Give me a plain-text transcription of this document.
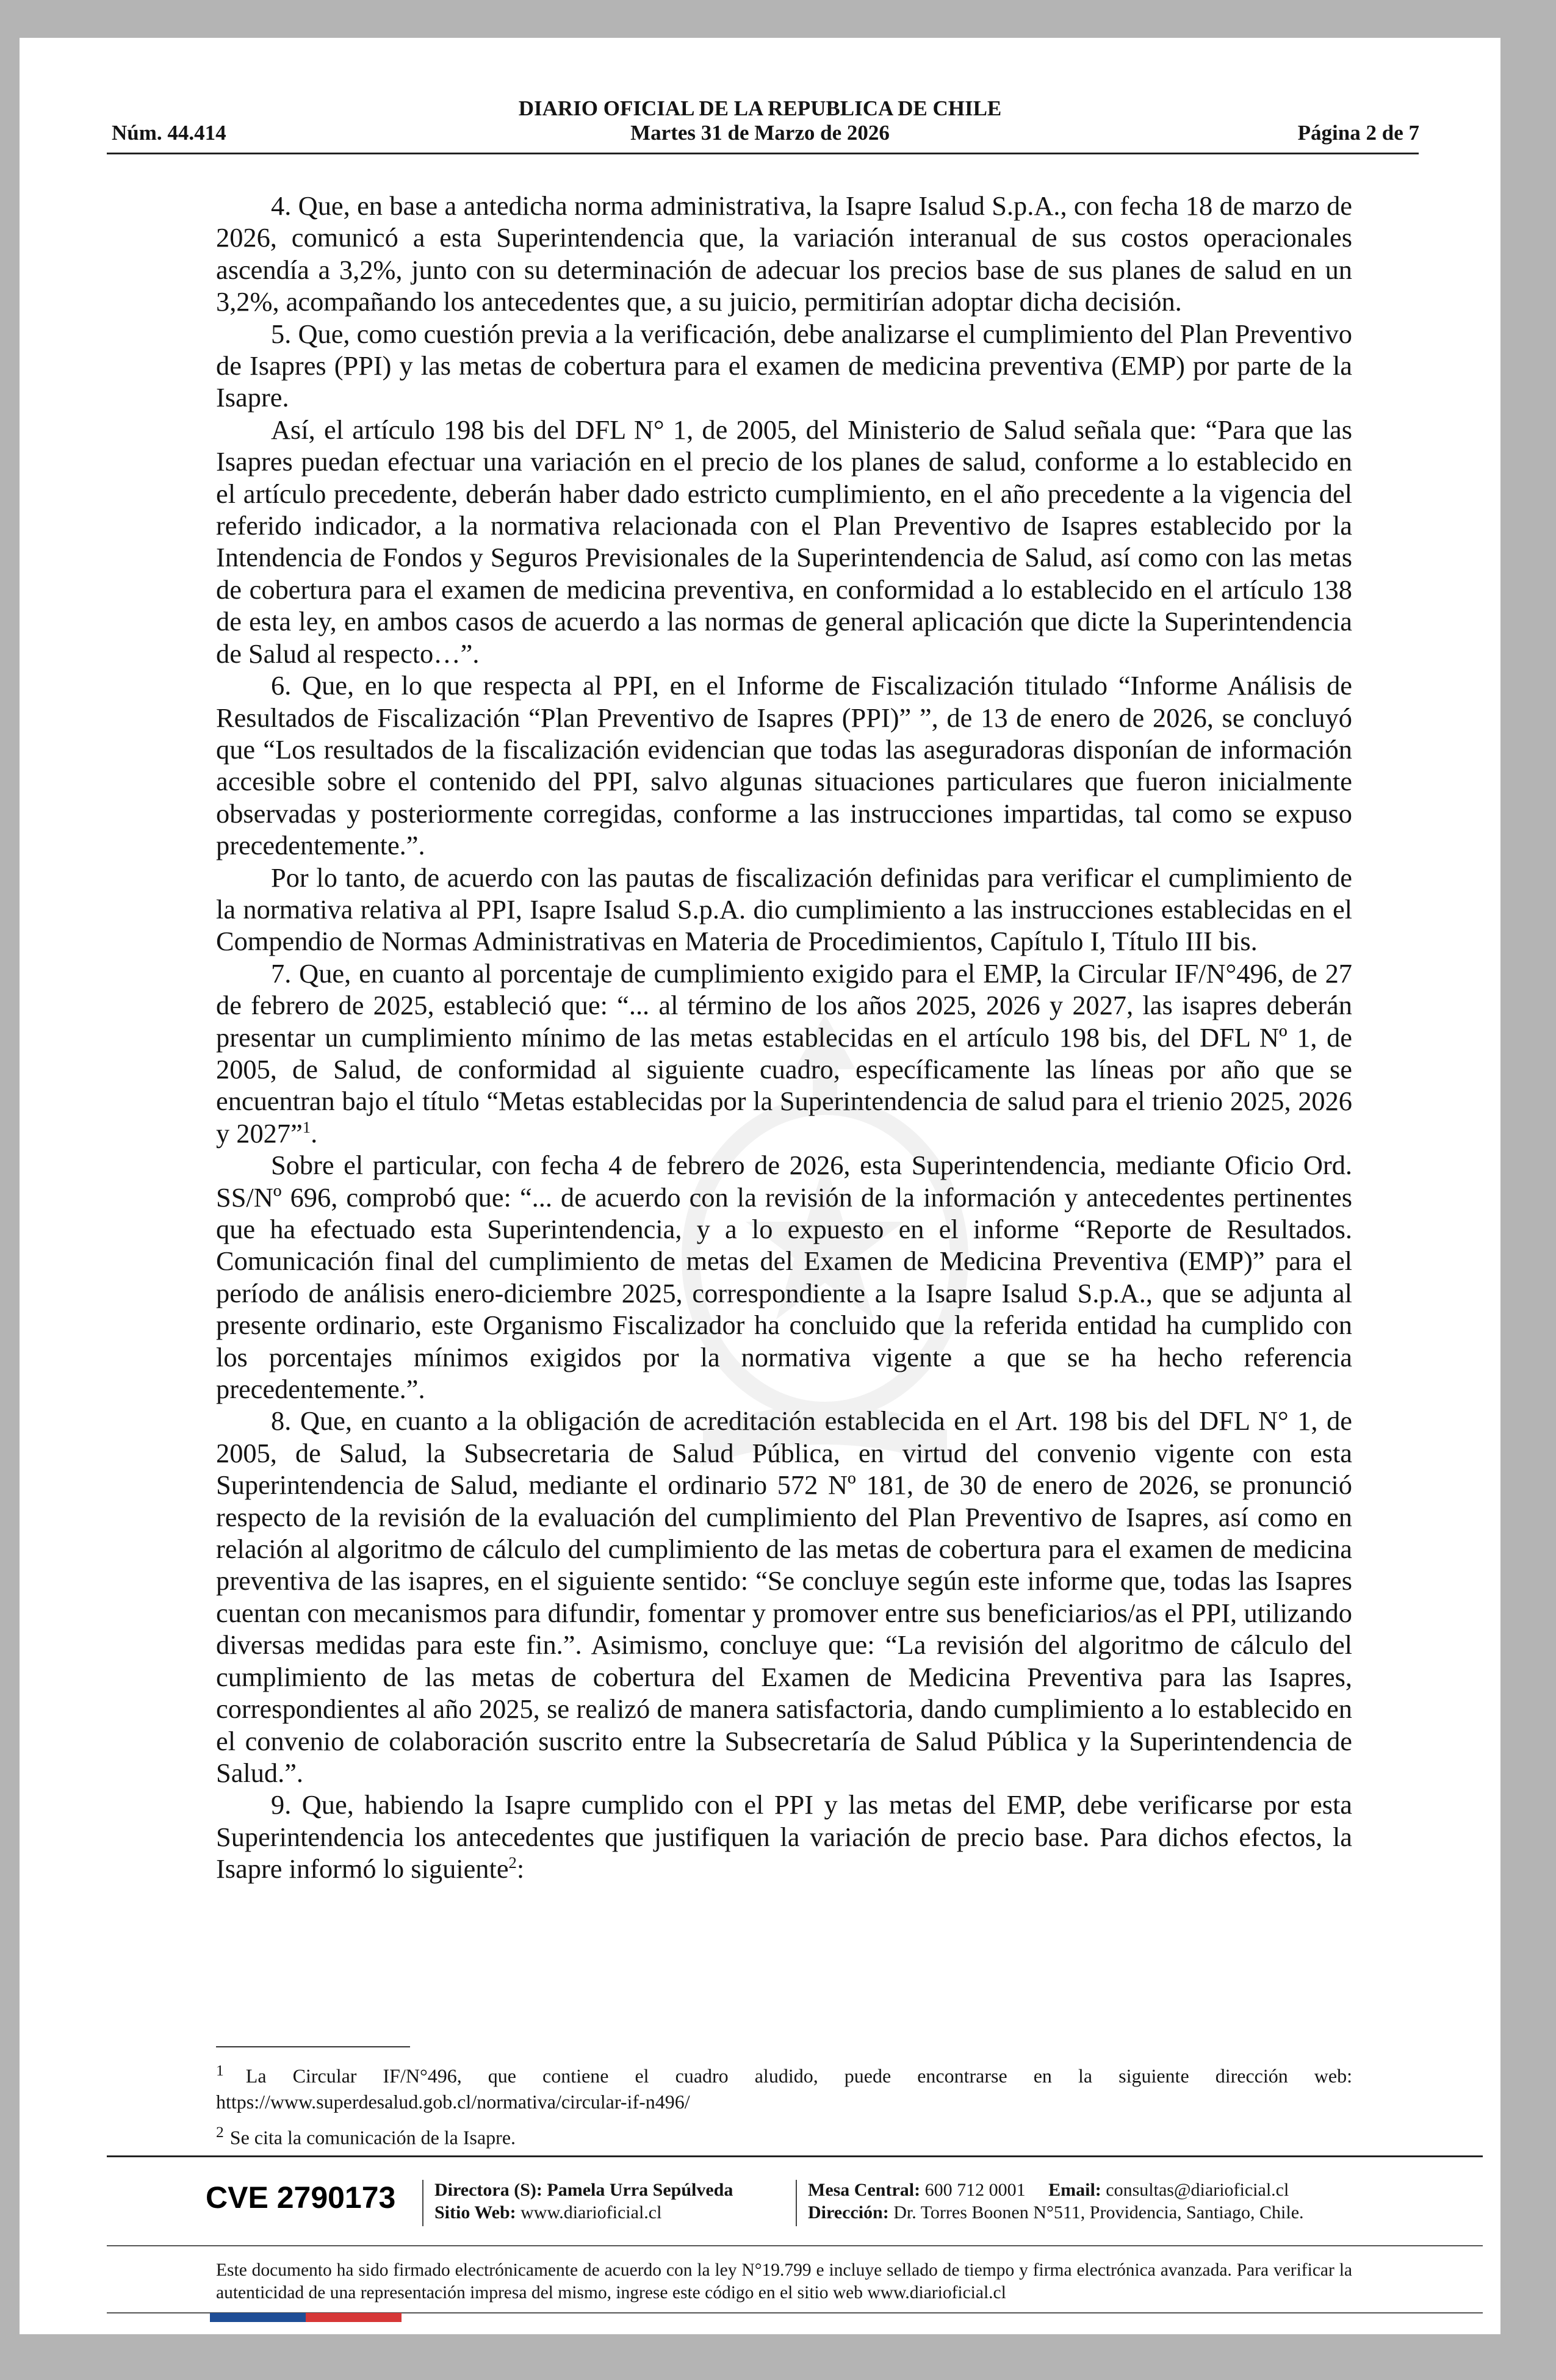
DIARIO OFICIAL DE LA REPUBLICA DE CHILE
Núm. 44.414	Martes 31 de Marzo de 2026	Página 2 de 7

4. Que, en base a antedicha norma administrativa, la Isapre Isalud S.p.A., con fecha 18 de marzo de 2026, comunicó a esta Superintendencia que, la variación interanual de sus costos operacionales ascendía a 3,2%, junto con su determinación de adecuar los precios base de sus planes de salud en un 3,2%, acompañando los antecedentes que, a su juicio, permitirían adoptar dicha decisión.

5. Que, como cuestión previa a la verificación, debe analizarse el cumplimiento del Plan Preventivo de Isapres (PPI) y las metas de cobertura para el examen de medicina preventiva (EMP) por parte de la Isapre.

Así, el artículo 198 bis del DFL N° 1, de 2005, del Ministerio de Salud señala que: “Para que las Isapres puedan efectuar una variación en el precio de los planes de salud, conforme a lo establecido en el artículo precedente, deberán haber dado estricto cumplimiento, en el año precedente a la vigencia del referido indicador, a la normativa relacionada con el Plan Preventivo de Isapres establecido por la Intendencia de Fondos y Seguros Previsionales de la Superintendencia de Salud, así como con las metas de cobertura para el examen de medicina preventiva, en conformidad a lo establecido en el artículo 138 de esta ley, en ambos casos de acuerdo a las normas de general aplicación que dicte la Superintendencia de Salud al respecto…”.

6. Que, en lo que respecta al PPI, en el Informe de Fiscalización titulado “Informe Análisis de Resultados de Fiscalización “Plan Preventivo de Isapres (PPI)” ”, de 13 de enero de 2026, se concluyó que “Los resultados de la fiscalización evidencian que todas las aseguradoras disponían de información accesible sobre el contenido del PPI, salvo algunas situaciones particulares que fueron inicialmente observadas y posteriormente corregidas, conforme a las instrucciones impartidas, tal como se expuso precedentemente.”.

Por lo tanto, de acuerdo con las pautas de fiscalización definidas para verificar el cumplimiento de la normativa relativa al PPI, Isapre Isalud S.p.A. dio cumplimiento a las instrucciones establecidas en el Compendio de Normas Administrativas en Materia de Procedimientos, Capítulo I, Título III bis.

7. Que, en cuanto al porcentaje de cumplimiento exigido para el EMP, la Circular IF/N°496, de 27 de febrero de 2025, estableció que: “... al término de los años 2025, 2026 y 2027, las isapres deberán presentar un cumplimiento mínimo de las metas establecidas en el artículo 198 bis, del DFL Nº 1, de 2005, de Salud, de conformidad al siguiente cuadro, específicamente las líneas por año que se encuentran bajo el título “Metas establecidas por la Superintendencia de salud para el trienio 2025, 2026 y 2027”$^1$.

Sobre el particular, con fecha 4 de febrero de 2026, esta Superintendencia, mediante Oficio Ord. SS/Nº 696, comprobó que: “... de acuerdo con la revisión de la información y antecedentes pertinentes que ha efectuado esta Superintendencia, y a lo expuesto en el informe “Reporte de Resultados. Comunicación final del cumplimiento de metas del Examen de Medicina Preventiva (EMP)” para el período de análisis enero-diciembre 2025, correspondiente a la Isapre Isalud S.p.A., que se adjunta al presente ordinario, este Organismo Fiscalizador ha concluido que la referida entidad ha cumplido con los porcentajes mínimos exigidos por la normativa vigente a que se ha hecho referencia precedentemente.”.

8. Que, en cuanto a la obligación de acreditación establecida en el Art. 198 bis del DFL N° 1, de 2005, de Salud, la Subsecretaria de Salud Pública, en virtud del convenio vigente con esta Superintendencia de Salud, mediante el ordinario 572 Nº 181, de 30 de enero de 2026, se pronunció respecto de la revisión de la evaluación del cumplimiento del Plan Preventivo de Isapres, así como en relación al algoritmo de cálculo del cumplimiento de las metas de cobertura para el examen de medicina preventiva de las isapres, en el siguiente sentido: “Se concluye según este informe que, todas las Isapres cuentan con mecanismos para difundir, fomentar y promover entre sus beneficiarios/as el PPI, utilizando diversas medidas para este fin.”. Asimismo, concluye que: “La revisión del algoritmo de cálculo del cumplimiento de las metas de cobertura del Examen de Medicina Preventiva para las Isapres, correspondientes al año 2025, se realizó de manera satisfactoria, dando cumplimiento a lo establecido en el convenio de colaboración suscrito entre la Subsecretaría de Salud Pública y la Superintendencia de Salud.”.

9. Que, habiendo la Isapre cumplido con el PPI y las metas del EMP, debe verificarse por esta Superintendencia los antecedentes que justifiquen la variación de precio base. Para dichos efectos, la Isapre informó lo siguiente$^2$:

$^1$ La Circular IF/N°496, que contiene el cuadro aludido, puede encontrarse en la siguiente dirección web: https://www.superdesalud.gob.cl/normativa/circular-if-n496/

$^2$ Se cita la comunicación de la Isapre.

CVE 2790173 Directora (S): Pamela Urra Sepúlveda
Sitio Web: www.diarioficial.cl
Mesa Central: 600 712 0001 Email: consultas@diarioficial.cl
Dirección: Dr. Torres Boonen N°511, Providencia, Santiago, Chile.
Este documento ha sido firmado electrónicamente de acuerdo con la ley N°19.799 e incluye sellado de tiempo y firma electrónica avanzada. Para verificar la autenticidad de una representación impresa del mismo, ingrese este código en el sitio web www.diarioficial.cl
